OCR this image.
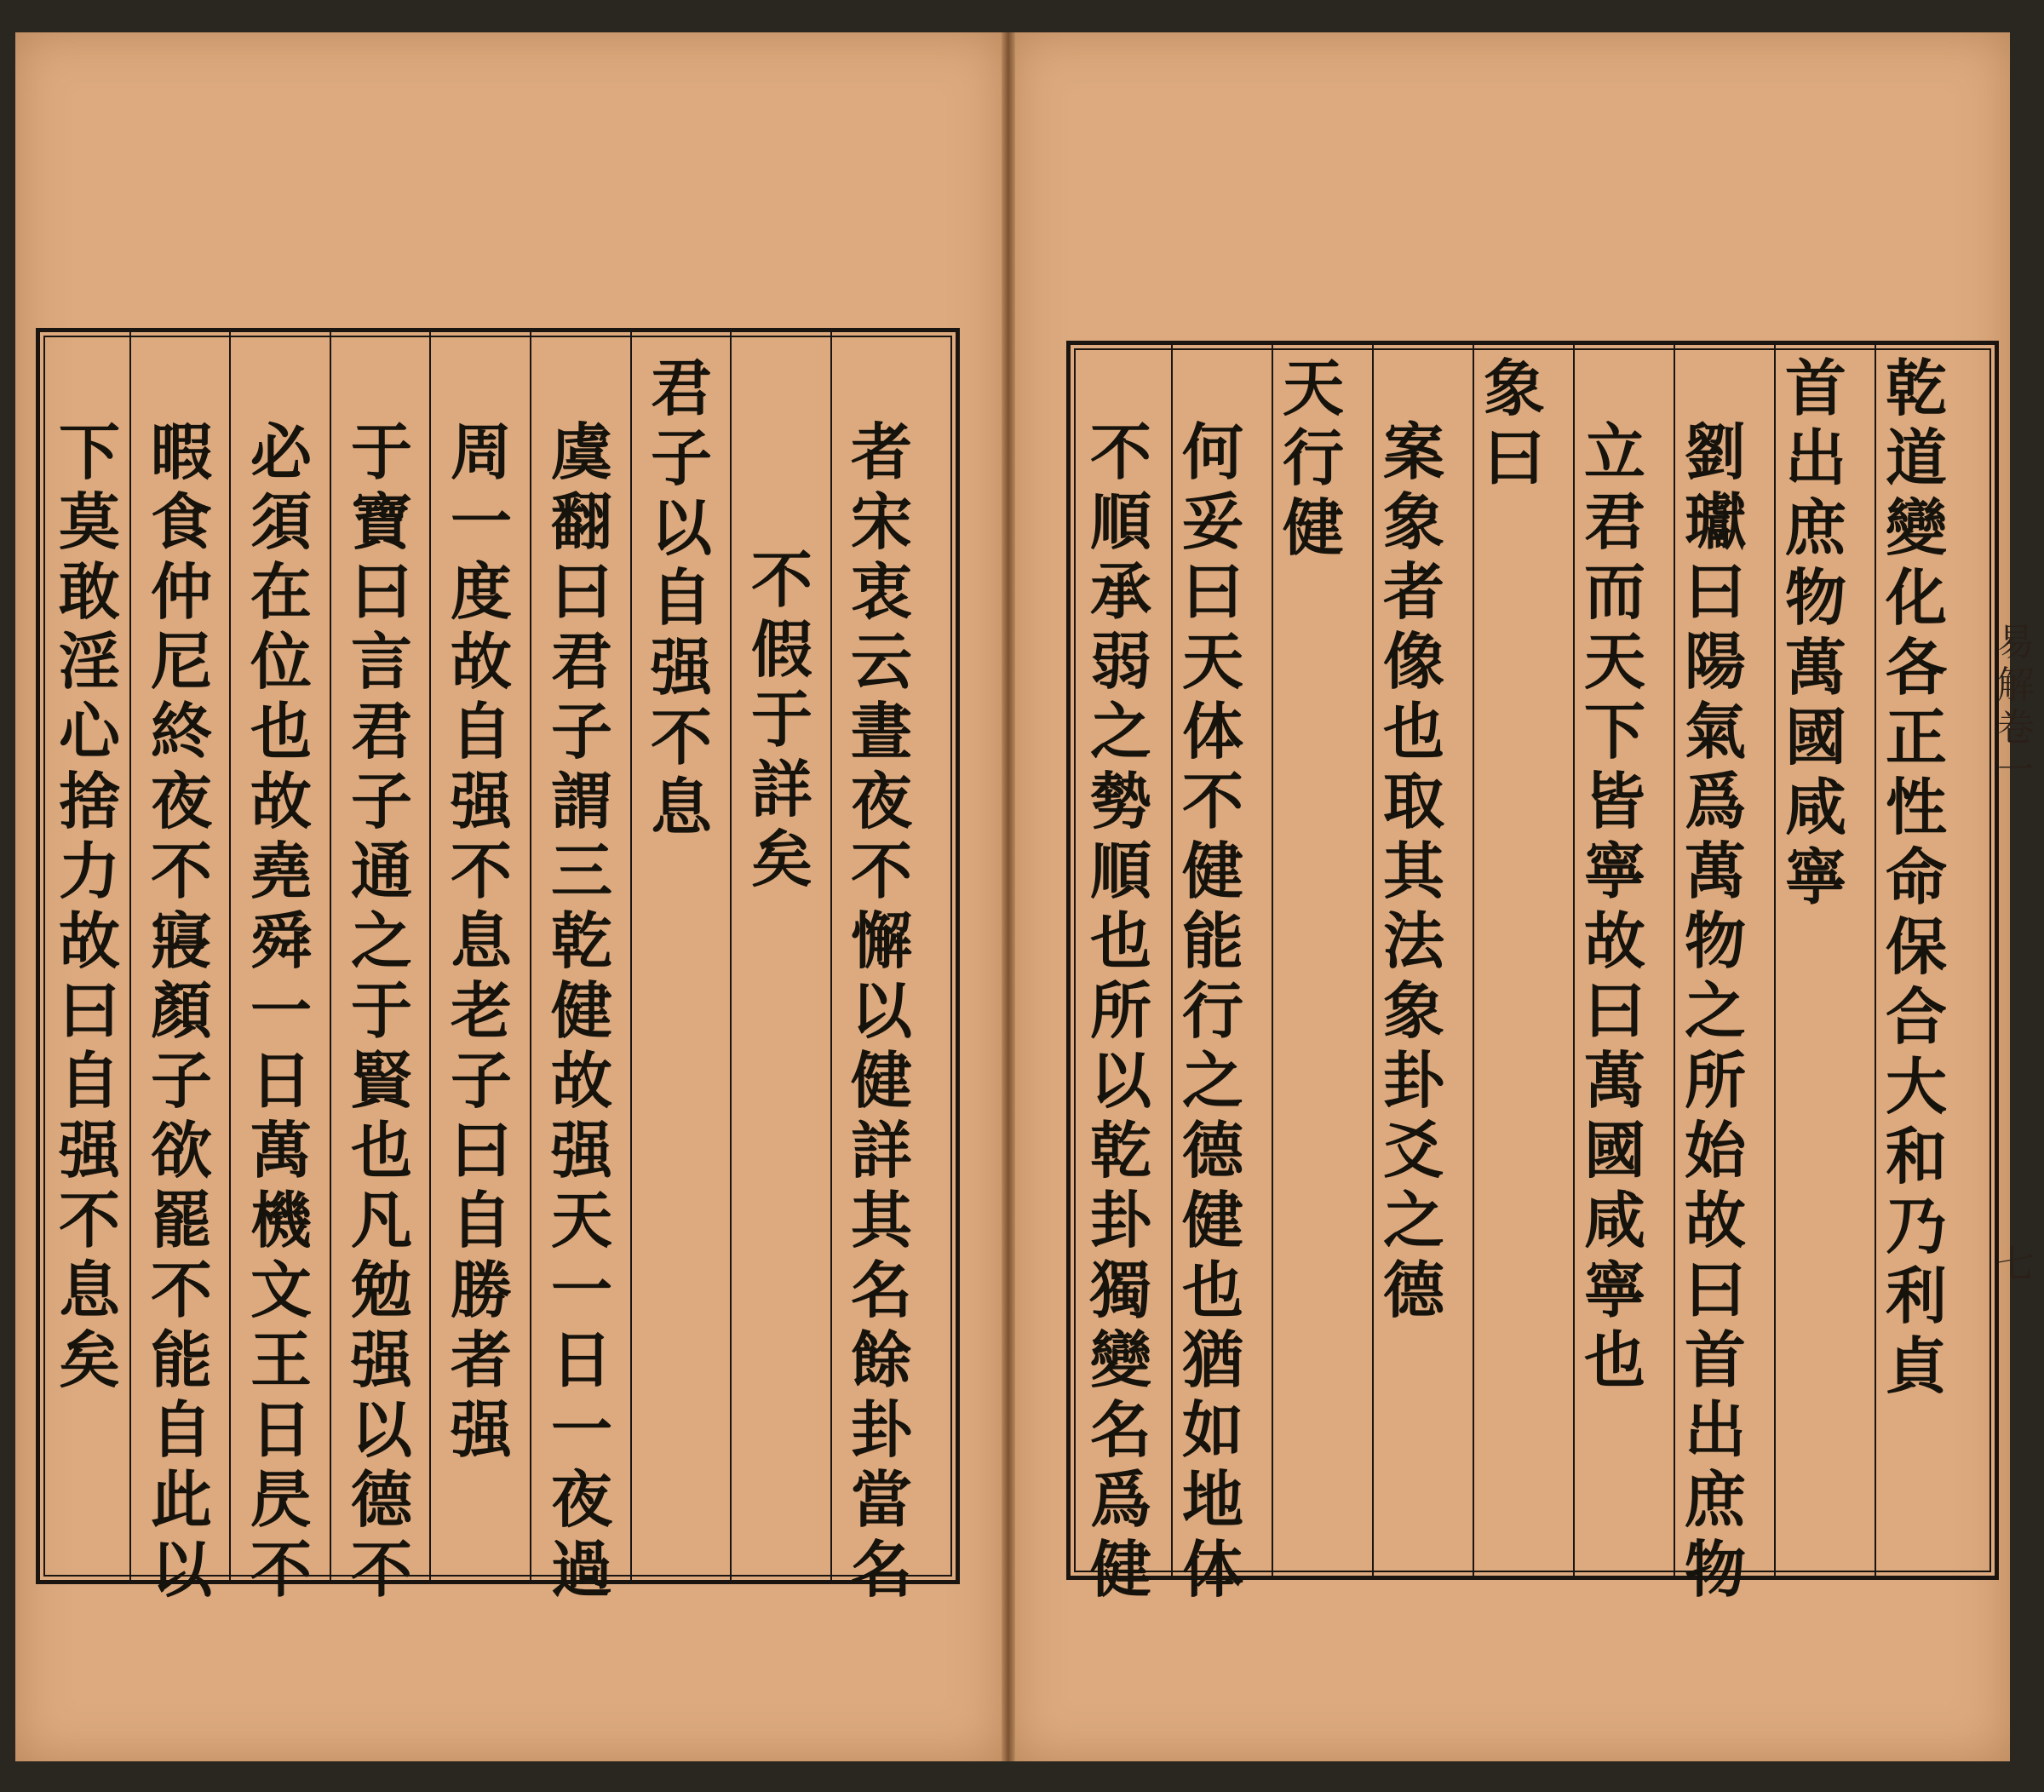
者
宋
衷
云
晝
夜
不
懈
以
健
詳
其
名
餘
卦
當
名
不
假
于
詳
矣
君
子
以
自
强
不
息
虞
翻
曰
君
子
謂
三
乾
健
故
强
天
一
日
一
夜
過
周
一
度
故
自
强
不
息
老
子
曰
自
勝
者
强
于
寶
曰
言
君
子
通
之
于
賢
也
凡
勉
强
以
德
不
必
須
在
位
也
故
堯
舜
一
日
萬
機
文
王
日
昃
不
暇
食
仲
尼
終
夜
不
寢
顏
子
欲
罷
不
能
自
此
以
下
莫
敢
淫
心
捨
力
故
曰
自
强
不
息
矣
乾
道
變
化
各
正
性
命
保
合
大
和
乃
利
貞
首
出
庶
物
萬
國
咸
寧
劉
瓛
曰
陽
氣
爲
萬
物
之
所
始
故
曰
首
出
庶
物
立
君
而
天
下
皆
寧
故
曰
萬
國
咸
寧
也
象
曰
案
象
者
像
也
取
其
法
象
卦
爻
之
德
天
行
健
何
妥
曰
天
体
不
健
能
行
之
德
健
也
猶
如
地
体
不
順
承
弱
之
勢
順
也
所
以
乾
卦
獨
變
名
爲
健
易
解
卷
一
七
